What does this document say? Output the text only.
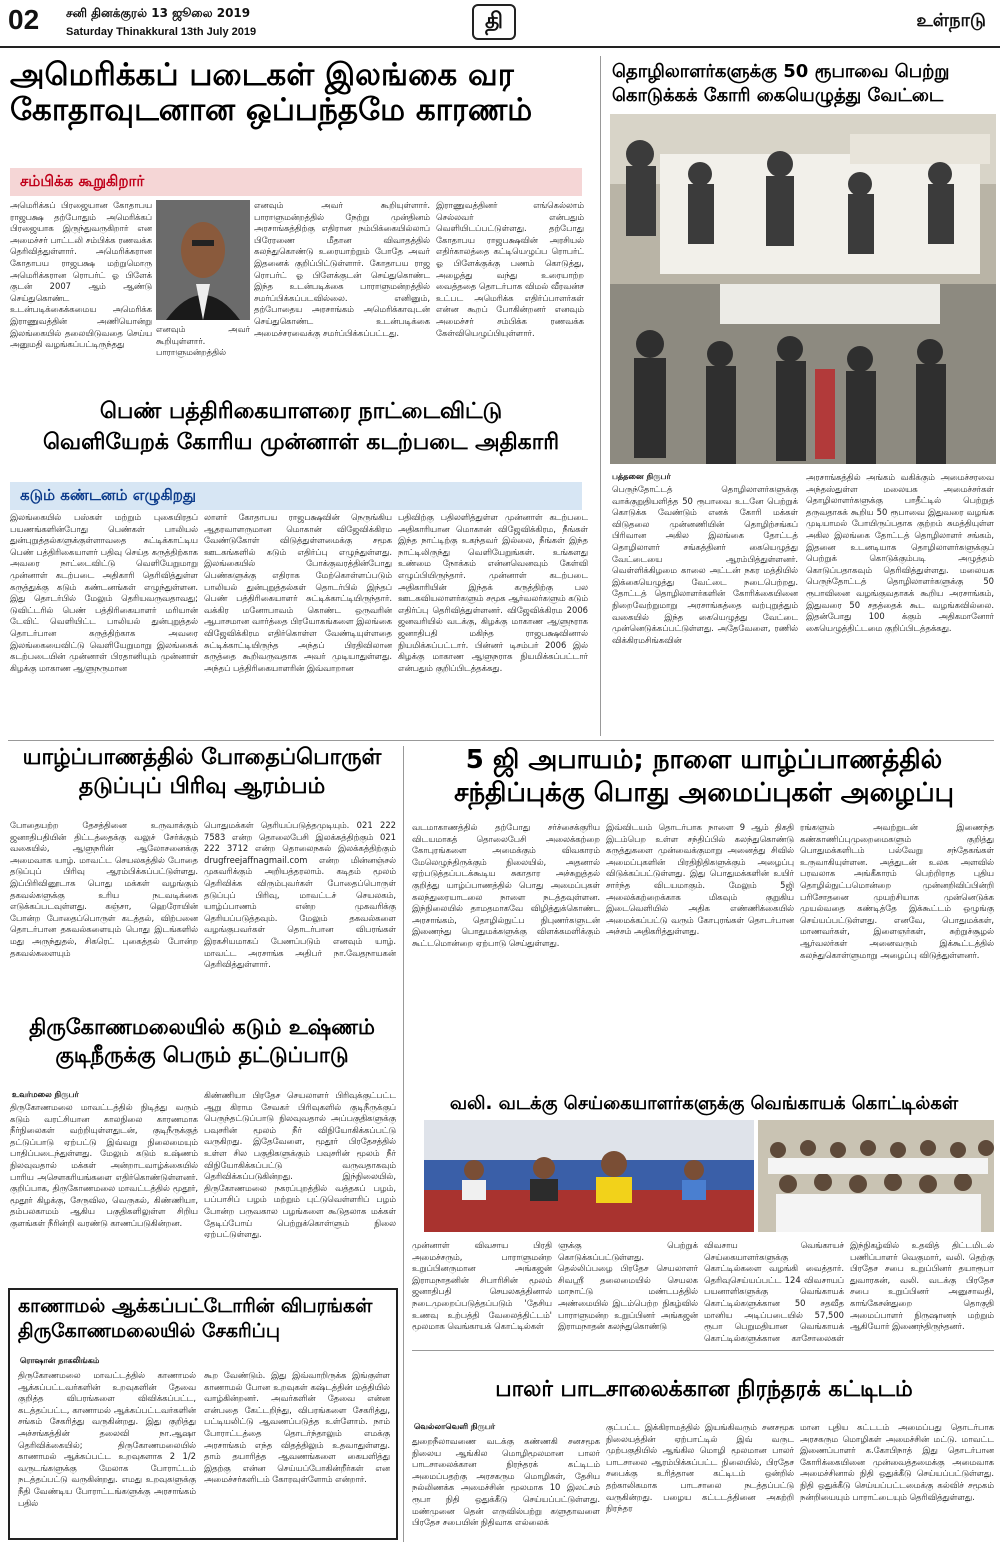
02 சனி தினக்குரல் 13 ஜூலை 2019
Saturday Thinakkural 13th July 2019	தி	உள்நாடு
அமெரிக்கப் படைகள் இலங்கை வர
கோதாவுடனான ஒப்பந்தமே காரணம்
சம்பிக்க கூறுகிறார்
அமெரிக்கப் பிரஜையான கோதாபய ராஜபக்ஷ தற்போதும் அமெரிக்கப் பிரஜையாக இருந்துவருகிறார் என அமைச்சர் பாட்டலி சம்பிக்க ரணவக்க தெரிவித்துள்ளார். அமெரிக்கரான கோதாபய ராஜபக்ஷ மற்றுமொரு அமெரிக்கரான ரொபர்ட் ஓ பிளேக் குடன் 2007 ஆம் ஆண்டு செய்துகொண்ட உடன்படிக்கைக்கமைய அமெரிக்க இராணுவத்தின் அணியொன்று இலங்கையில் தலையிடுவதை செய்ய அனுமதி வழங்கப்பட்டிருந்தது
எனவும் அவர் கூறியுள்ளார். பாராளுமன்றத்தில்
எனவும் அவர் கூறியுள்ளார். பாராளுமன்றத்தில் நேற்று முன்தினம் அரசாங்கத்திற்கு எதிரான நம்பிக்கையில்லாப் பிரேரணை மீதான விவாதத்தில் கலந்துகொண்டு உரையாற்றும் போதே அவர் இதனைக் குறிப்பிட்டுள்ளார். கோதாபய ராஜ ரொபர்ட் ஓ பிளேக்குடன் செய்துகொண்ட இந்த உடன்படிக்கை பாராளுமன்றத்தில் சமர்ப்பிக்கப்படவில்லை. எனினும், தற்போதைய அரசாங்கம் அமெரிக்காவுடன் செய்துகொண்ட உடன்படிக்கை அமைச்சரவைக்கு சமர்ப்பிக்கப்பட்டது.
இராணுவத்தினர் எங்கெல்லாம் செல்லவர் என்பதும் வெளியிடப்பட்டுள்ளது. தற்போது கோதாபய ராஜபக்ஷவின் அரசியல் எதிர்காலத்தை கட்டியெழுப்ப ரொபர்ட் ஓ பிளேக்குக்கு பணம் கொடுத்து, அழைத்து வந்து உரையாற்ற வைத்ததை தொடர்பாக விமல் வீரவன்ச உட்பட அமெரிக்க எதிர்ப்பாளர்கள் என்ன கூறப் போகின்றனர் எனவும் அமைச்சர் சம்பிக்க ரணவக்க கேள்வியெழுப்பியுள்ளார்.
தொழிலாளர்களுக்கு 50 ரூபாவை பெற்று
கொடுக்கக் கோரி கையெழுத்து வேட்டை
பத்தனை நிருபர்
பெருந்தோட்டத் தொழிலாளர்களுக்கு வாக்குறுதியளித்த 50 ரூபாவை உடனே பெற்றுக் கொடுக்க வேண்டும் எனக் கோரி மக்கள் விடுதலை முன்னணியின் தொழிற்சங்கப் பிரிவான அகில இலங்கை தோட்டத் தொழிலாளர் சங்கத்தினர் கையெழுத்து வேட்டையை ஆரம்பித்துள்ளனர். வெள்ளிக்கிழமை காலை அட்டன் நகர மத்தியில் இக்கையெழுத்து வேட்டை நடைபெற்றது. தோட்டத் தொழிலாளர்களின் கோரிக்கையினை நிறைவேற்றுமாறு அரசாங்கத்தை வற்புறுத்தும் வகையில் இந்த கையெழுத்து வேட்டை முன்னெடுக்கப்பட்டுள்ளது. அதேவேளை, ரணில் விக்கிரமசிங்கவின்
அரசாங்கத்தில் அங்கம் வகிக்கும் அமைச்சரவை அந்தஸ்துள்ள மலையக அமைச்சர்கள் தொழிலாளர்களுக்கு பாதீட்டில் பெற்றுத் தருவதாகக் கூறிய 50 ரூபாவை இதுவரை வழங்க முடியாமல் போயிருப்பதாக குற்றம் சுமத்தியுள்ள அகில இலங்கை தோட்டத் தொழிலாளர் சங்கம், இதனை உடனடியாக தொழிலாளர்களுக்குப் பெற்றுக் கொடுக்கும்படி அழுத்தம் கொடுப்பதாகவும் தெரிவித்துள்ளது. மலையக பெருந்தோட்டத் தொழிலாளர்களுக்கு 50 ரூபாவினை வழங்குவதாகக் கூறிய அரசாங்கம், இதுவரை 50 சதத்தைக் கூட வழங்கவில்லை. இதன்போது 100 க்கும் அதிகமானோர் கையெழுத்திட்டமை குறிப்பிடத்தக்கது.
பெண் பத்திரிகையாளரை நாட்டைவிட்டு
வெளியேறக் கோரிய முன்னாள் கடற்படை அதிகாரி
கடும் கண்டனம் எழுகிறது
இலங்கையில் பஸ்கள் மற்றும் புகையிரதப் பயணங்களின்போது பெண்கள் பாலியல் துன்புறுத்தல்களுக்குள்ளாவதை சுட்டிக்காட்டிய பெண் பத்திரிகையாளர் பதிவு செய்த கருத்திற்காக அவரை நாட்டைவிட்டு வெளியேறுமாறு முன்னாள் கடற்படை அதிகாரி தெரிவித்துள்ள கருத்துக்கு கடும் கண்டனங்கள் எழுந்துள்ளன. இது தொடர்பில் மேலும் தெரியவருவதாவது; டுவிட்டரில் பெண் பத்திரிகையாளர் மரியான் டேவிட் வெளியிட்ட பாலியல் துன்புறுத்தல் தொடர்பான கருத்திற்காக அவரை இலங்கையைவிட்டு வெளியேறுமாறு இலங்கைக் கடற்படையின் முன்னாள் பிரதானியும் முன்னாள் கிழக்கு மாகாண ஆளுநருமான
லாளர் கோதாபய ராஜபக்ஷவின் நெருங்கிய ஆதரவாளருமான மொகான் விஜேவிக்கிரம வேண்டுகோள் விடுத்துள்ளமைக்கு சமூக ஊடகங்களில் கடும் எதிர்ப்பு எழுந்துள்ளது. இலங்கையில் போக்குவரத்தின்போது பெண்களுக்கு எதிராக மேற்கொள்ளப்படும் பாலியல் துன்புறுத்தல்கள் தொடர்பில் இந்தப் பெண் பத்திரிகையாளர் சுட்டிக்காட்டியிருந்தார். வக்கிர மனோபாவம் கொண்ட ஒருவரின் ஆபாசமான வார்த்தை பிரயோகங்களை இலங்கை விஜேவிக்கிரம எதிர்கொள்ள வேண்டியுள்ளதை சுட்டிக்காட்டியிருந்த அந்தப் பிரதிவிலான கருத்தை கூறிவருவதாக அவர் முடியாதுள்ளது. அந்தப் பத்திரிகையாளரின் இவ்வாறான
பதிவிற்கு பதிலளித்துள்ள முன்னாள் கடற்படை அதிகாரியான மொகான் விஜேவிக்கிரம, நீங்கள் இந்த நாட்டிற்கு உகந்தவர் இல்லை, நீங்கள் இந்த நாட்டிலிருந்து வெளியேறுங்கள். உங்களது உண்மை நோக்கம் என்னவெனவும் கேள்வி எழுப்பியிருந்தார். முன்னாள் கடற்படை அதிகாரியின் இந்தக் கருத்திற்கு பல ஊடகவியலாளர்களும் சமூக ஆர்வலர்களும் கடும் எதிர்ப்பு தெரிவித்துள்ளனர். விஜேவிக்கிரம 2006 ஜனவரியில் வடக்கு, கிழக்கு மாகாண ஆளுநராக ஜனாதிபதி மகிந்த ராஜபக்ஷவினால் நியமிக்கப்பட்டார். பின்னர் டிசம்பர் 2006 இல் கிழக்கு மாகாண ஆளுநராக நியமிக்கப்பட்டார் என்பதும் குறிப்பிடத்தக்கது.
யாழ்ப்பாணத்தில் போதைப்பொருள்
தடுப்புப் பிரிவு ஆரம்பம்
போதையற்ற தேசத்தினை உருவாக்கும் ஜனாதிபதியின் திட்டத்தைக்கு வலுச் சேர்க்கும் வகையில், ஆளுநரின் ஆலோசனைக்கு அமைவாக யாழ். மாவட்ட செயலகத்தில் போதை தடுப்புப் பிரிவு ஆரம்பிக்கப்பட்டுள்ளது. இப்பிரிவினூடாக பொது மக்கள் வழங்கும் தகவல்களுக்கு உரிய நடவடிக்கை எடுக்கப்படவுள்ளது. கஞ்சா, ஹெரோயின் போன்ற போதைப்பொருள் கடத்தல், விற்பனை தொடர்பான தகவல்களையும் பொது இடங்களில் மது அருந்துதல், சிகரெட் புகைத்தல் போன்ற தகவல்களையும்
பொதுமக்கள் தெரியப்படுத்தமுடியும். 021 222 7583 என்ற தொலைபேசி இலக்கத்திற்கும் 021 222 3712 என்ற தொலைநகல் இலக்கத்திற்கும் drugfreejaffnagmail.com என்ற மின்னஞ்சல் முகவரிக்கும் அறியத்தரலாம். கடிதம் மூலம் தெரிவிக்க விரும்புவர்கள் போதைப்பொருள் தடுப்புப் பிரிவு, மாவட்டச் செயலகம், யாழ்ப்பாணம் என்ற முகவரிக்கு தெரியப்படுத்தவும். மேலும் தகவல்களை வழங்குபவர்கள் தொடர்பான விபரங்கள் இரகசியமாகப் பேணப்படும் எனவும் யாழ். மாவட்ட அரசாங்க அதிபர் நா.வேதநாயகன் தெரிவித்துள்ளார்.
5 ஜி அபாயம்; நாளை யாழ்ப்பாணத்தில்
சந்திப்புக்கு பொது அமைப்புகள் அழைப்பு
வடமாகாணத்தில் தற்போது சர்ச்சைக்குரிய விடயமாகத் தொலைபேசி அலைக்கற்றை கோபுரங்களை அமைக்கும் விவகாரம் மேலெழுந்திருக்கும் நிலையில், அதனால் ஏற்படுத்தப்படக்கூடிய சுகாதார அச்சுறுத்தல் குறித்து யாழ்ப்பாணத்தில் பொது அமைப்புகள் கலந்துரையாடலை நாளை நடத்தவுள்ளன. இந்நிலையில் தாமதமாகவே விழித்துக்கொண்ட அரசாங்கம், தொழில்நுட்ப நிபுணர்களுடன் இணைந்து பொதுமக்களுக்கு விளக்கமளிக்கும் கூட்டமொன்றை ஏற்பாடு செய்துள்ளது.
இவ்விடயம் தொடர்பாக நாளை 9 ஆம் திகதி இடம்பெற உள்ள சந்திப்பில் கலந்துகொண்டு கருத்துகளை முன்வைக்குமாறு அனைத்து சிவில் அமைப்புகளின் பிரதிநிதிகளுக்கும் அழைப்பு விடுக்கப்பட்டுள்ளது. இது பொதுமக்களின் உயிர் சார்ந்த விடயமாகும். மேலும் 5ஜி அலைக்கற்றைக்காக மிகவும் குறுகிய இடைவெளியில் அதிக எண்ணிக்கையில் அமைக்கப்பட்டு வரும் கோபுரங்கள் தொடர்பான அச்சம் அதிகரித்துள்ளது.
ரங்களும் அவற்றுடன் இணைந்த கண்காணிப்புமுறைமைகளும் குறித்து பொதுமக்களிடம் பல்வேறு சந்தேகங்கள் உருவாகியுள்ளன. அத்துடன் உலக அளவில் பரவலாக அங்கீகாரம் பெற்றிராத புதிய தொழில்நுட்பமொன்றை முன்னறிவிப்பின்றி பரிசோதனை முயற்சியாக முன்னெடுக்க முயல்வதை கண்டித்தே இக்கூட்டம் ஒழுங்கு செய்யப்பட்டுள்ளது. எனவே, பொதுமக்கள், மாணவர்கள், இளைஞர்கள், சுற்றுச்சூழல் ஆர்வலர்கள் அனைவரும் இக்கூட்டத்தில் கலந்துகொள்ளுமாறு அழைப்பு விடுத்துள்ளனர்.
திருகோணமலையில் கடும் உஷ்ணம்
குடிநீருக்கு பெரும் தட்டுப்பாடு
உவர்மலை நிருபர்
திருகோணமலை மாவட்டத்தில் நிடித்து வரும் கடும் வரட்சியான காலநிலை காரணமாக நீர்நிலைகள் வற்றியுள்ளதுடன், குடிநீருக்குத் தட்டுப்பாடு ஏற்பட்டு இவ்வறு நிலைமையும் பாதிப்படைந்துள்ளது. மேலும் கடும் உஷ்ணம் நிலவுவதால் மக்கள் அன்றாடவாழ்க்கையில் பாரிய அசௌகரியங்களை எதிர்கொண்டுள்ளனர். குறிப்பாக, திருகோணமலை மாவட்டத்தில் மூதூர், மூதூர் கிழக்கு, சேருவில, வெருகல், கிண்ணியா, தம்பலகாமம் ஆகிய பகுதிகளிலுள்ள சிறிய குளங்கள் நீரின்றி வரண்டு காணப்படுகின்றன.
கிண்ணியா பிரதேச செயலாளர் பிரிவுக்குட்பட்ட ஆறு கிராம சேவகர் பிரிவுகளில் குடிநீருக்குப் பெருந்தட்டுப்பாடு நிலவுவதால் அப்பகுதிகளுக்கு பவுசரின் மூலம் நீர் விநியோகிக்கப்பட்டு வருகிறது. இதேவேளை, மூதூர் பிரதேசத்தில் உள்ள சில பகுதிகளுக்கும் பவுசரின் மூலம் நீர் விநியோகிக்கப்பட்டு வருவதாகவும் தெரிவிக்கப்படுகின்றது. இந்நிலையில், திருகோணமலை நகரப்புறத்தில் வத்தகப் பழம், பப்பாசிப் பழம் மற்றும் புட்டுவெள்ளரிப் பழம் போன்ற பருவகால பழங்களை கூடுதலாக மக்கள் தேடிப்போய் பெற்றுக்கொள்ளும் நிலை ஏற்பட்டுள்ளது.
வலி. வடக்கு செய்கையாளர்களுக்கு வெங்காயக் கொட்டில்கள்
முன்னாள் விவசாய பிரதி அமைச்சரும், பாராளுமன்ற உறுப்பினருமான அங்கஜன் இராமநாதனின் சிபாரிசின் மூலம் ஜனாதிபதி செயலகத்தினால் நடைமுறைப்படுத்தப்படும் 'தேசிய உணவு உற்பத்தி வேலைத்திட்டம்' மூலமாக வெங்காயக் கொட்டில்கள்
ளுக்கு பெற்றுக் கொடுக்கப்பட்டுள்ளது. தெல்லிப்பழை பிரதேச செயலாளர் சிவஸ்ரீ தலைமையில் செயலக மாநாட்டு மண்டபத்தில் அண்மையில் இடம்பெற்ற நிகழ்வில் பாராளுமன்ற உறுப்பினர் அங்கஜன் இராமநாதன் கலந்துகொண்டு
விவசாய வெங்காயச் செய்கையாளர்களுக்கு கொட்டில்களை வழங்கி வைத்தார். தெரிவுசெய்யப்பட்ட 124 விவசாயப் பயனாளிகளுக்கு வெங்காயக் கொட்டில்களுக்கான 50 சதவீத மானிய அடிப்படையில் 57,500 ரூபா பெறுமதியான வெங்காயக் கொட்டில்களுக்கான காசோலைகள்
இந்நிகழ்வில் உதவித் திட்டமிடல் பணிப்பாளர் வெகுமார், வலி. தெற்கு பிரதேச சபை உறுப்பினர் தயாரூபா துவாரகன், வலி. வடக்கு பிரதேச சபை உறுப்பினர் அனுசாவதி, காங்கேசன்துறை தொகுதி அமைப்பாளர் நிருஷானந் மற்றும் ஆகியோர் இணைந்திருந்தனர்.
காணாமல் ஆக்கப்பட்டோரின் விபரங்கள்
திருகோணமலையில் சேகரிப்பு
ரொஷான் நாகலிங்கம்
திருகோணமலை மாவட்டத்தில் காணாமல் ஆக்கப்பட்டவர்களின் உறவுகளின் தேவை குறித்த விபரங்களை விவிக்கப்பட்ட, கடத்தப்பட்ட, காணாமல் ஆக்கப்பட்டவர்களின் சங்கம் சேகரித்து வருகின்றது. இது குறித்து அச்சங்கத்தின் தலைவி நா.ஆஷா தெரிவிக்கையில்; திருகோணமலையில் காணாமல் ஆக்கப்பட்ட உறவுகளாக 2 1/2 வருடங்களுக்கு மேலாக போராட்டம் நடத்தப்பட்டு வருகின்றது. எமது உறவுகளுக்கு நீதி வேண்டிய போராட்டங்களுக்கு அரசாங்கம் பதில்
கூற வேண்டும். இது இவ்வாறிருக்க இங்குள்ள காணாமல் போன உறவுகள் கஷ்டத்தின் மத்தியில் வாழ்கின்றனர். அவர்களின் தேவை என்ன என்பதை கேட்டறிந்து, விபரங்களை சேகரித்து, பட்டியலிட்டு ஆவணப்படுத்த உள்ளோம். நாம் போராட்டத்தை தொடர்ந்தாலும் எமக்கு அரசாங்கம் எந்த விதத்திலும் உதவாதுள்ளது. தாம் தயாரித்த ஆவணங்களை கையளித்து இதற்கு என்ன செய்யப்போகின்றீர்கள் என அமைச்சர்களிடம் கோரவுள்ளோம் என்றார்.
பாலர் பாடசாலைக்கான நிரந்தரக் கட்டிடம்
வெல்லாவெளி நிருபர்
துறைநீலாவணை வடக்கு கண்ணகி சனசமூக நிலைய ஆங்கில மொழிமூலமான பாலர் பாடசாலைக்கான நிரந்தரக் கட்டிடம் அமைப்பதற்கு அரசகரும மொழிகள், தேசிய நல்லிணக்க அமைச்சின் மூலமாக 10 இலட்சம் ரூபா நிதி ஒதுக்கீடு செய்யப்பட்டுள்ளது. மண்முனை தென் எருவில்பற்று களுதாவளை பிரதேச சபையின் நிதிவாக எல்லைக்
குட்பட்ட இக்கிராமத்தில் இயங்கிவரும் சனசமூக நிலையத்தின் ஏற்பாட்டில் இவ் வருட முற்பகுதியில் ஆங்கில மொழி மூலமான பாலர் பாடசாலை ஆரம்பிக்கப்பட்ட நிலையில், பிரதேச சபைக்கு உரித்தான கட்டிடம் ஒன்றில் தற்காலிகமாக பாடசாலை நடத்தப்பட்டு வருகின்றது. பழைய கட்டடத்தினை அகற்றி நிரந்தர
மான புதிய கட்டடம் அமைப்பது தொடர்பாக அரசகரும மொழிகள் அமைச்சின் மட்டு. மாவட்ட இணைப்பாளர் க.கோபிநாத் இது தொடர்பான கோரிக்கையினை முன்வைத்தமைக்கு அமைவாக அமைச்சினால் நிதி ஒதுக்கீடு செய்யப்பட்டுள்ளது. நிதி ஒதுக்கீடு செய்யப்பட்டமைக்கு கல்விச் சமூகம் நன்றியையும் பாராட்டையும் தெரிவித்துள்ளது.
